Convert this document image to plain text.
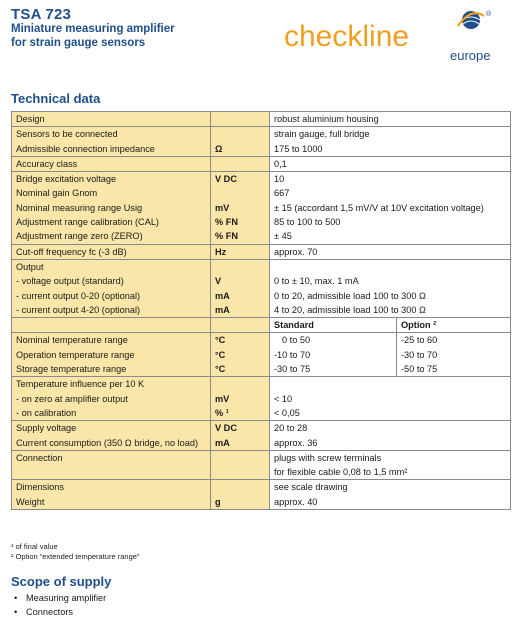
TSA 723
Miniature measuring amplifier
for strain gauge sensors	checkline
®
europe
Technical data
Design		robust aluminium housing	
Sensors to be connected		strain gauge, full bridge	
Admissible connection impedance	Ω	175 to 1000	
Accuracy class		0,1	
Bridge excitation voltage	V DC	10	
Nominal gain Gnom		667	
Nominal measuring range Usig	mV	± 15 (accordant 1,5 mV/V at 10V excitation voltage)	
Adjustment range calibration (CAL)	% FN	85 to 100 to 500	
Adjustment range zero (ZERO)	% FN	± 45	
Cut-off frequency fc (-3 dB)	Hz	approx. 70	
Output			
- voltage output (standard)	V	0 to ± 10, max. 1 mA	
- current output 0-20 (optional)	mA	0 to 20, admissible load 100 to 300 Ω	
- current output 4-20 (optional)	mA	4 to 20, admissible load 100 to 300 Ω	
		Standard	Option ²
Nominal temperature range	°C	0 to 50	-25 to 60
Operation temperature range	°C	-10 to 70	-30 to 70
Storage temperature range	°C	-30 to 75	-50 to 75
Temperature influence per 10 K			
- on zero at amplifier output	mV	< 10	
- on calibration	% ¹	< 0,05	
Supply voltage	V DC	20 to 28	
Current consumption (350 Ω bridge, no load)	mA	approx. 36	
Connection		plugs with screw terminals	
		for flexible cable 0,08 to 1,5 mm²	
Dimensions		see scale drawing	
Weight	g	approx. 40	
¹ of final value
² Option “extended temperature range”
Scope of supply
• Measuring amplifier
• Connectors
